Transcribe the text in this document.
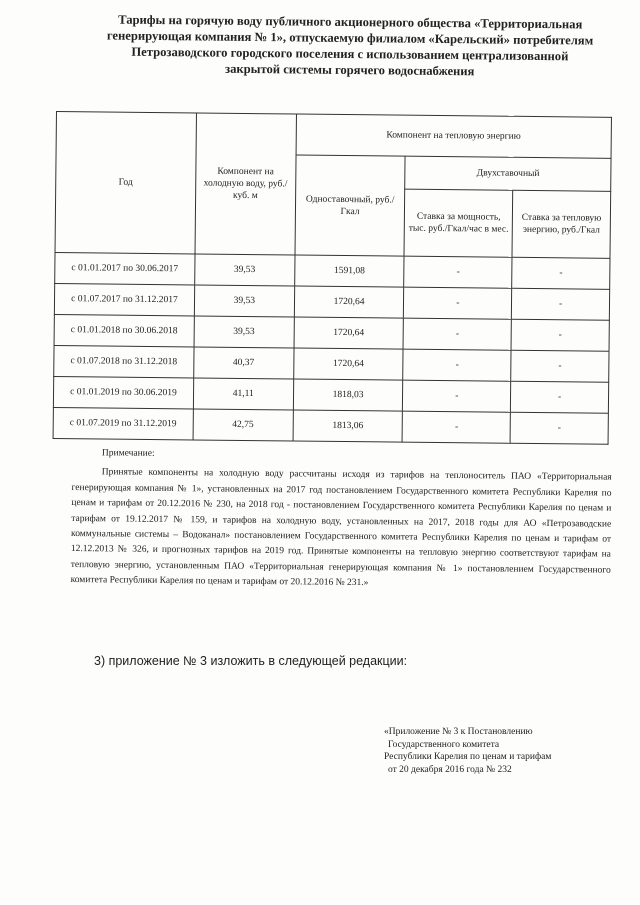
Тарифы на горячую воду публичного акционерного общества «Территориальная
генерирующая компания № 1», отпускаемую филиалом «Карельский» потребителям
Петрозаводского городского поселения с использованием централизованной
закрытой системы горячего водоснабжения
Год	Компонент на холодную воду, руб./куб. м	Компонент на тепловую энергию		
		Одноставочный, руб./Гкал	Двухставочный	
			Ставка за мощность, тыс. руб./Гкал/час в мес.	Ставка за тепловую энергию, руб./Гкал
с 01.01.2017 по 30.06.2017	39,53	1591,08	-	-
с 01.07.2017 по 31.12.2017	39,53	1720,64	-	-
с 01.01.2018 по 30.06.2018	39,53	1720,64	-	-
с 01.07.2018 по 31.12.2018	40,37	1720,64	-	-
с 01.01.2019 по 30.06.2019	41,11	1818,03	-	-
с 01.07.2019 по 31.12.2019	42,75	1813,06	-	-
Примечание:
Принятые компоненты на холодную воду рассчитаны исходя из тарифов на теплоноситель ПАО «Территориальная генерирующая компания № 1», установленных на 2017 год постановлением Государственного комитета Республики Карелия по ценам и тарифам от 20.12.2016 № 230, на 2018 год - постановлением Государственного комитета Республики Карелия по ценам и тарифам от 19.12.2017 № 159, и тарифов на холодную воду, установленных на 2017, 2018 годы для АО «Петрозаводские коммунальные системы – Водоканал» постановлением Государственного комитета Республики Карелия по ценам и тарифам от 12.12.2013 № 326, и прогнозных тарифов на 2019 год. Принятые компоненты на тепловую энергию соответствуют тарифам на тепловую энергию, установленным ПАО «Территориальная генерирующая компания № 1» постановлением Государственного комитета Республики Карелия по ценам и тарифам от 20.12.2016 № 231.»
3) приложение № 3 изложить в следующей редакции:
«Приложение № 3 к Постановлению
Государственного комитета
Республики Карелия по ценам и тарифам
от 20 декабря 2016 года № 232
